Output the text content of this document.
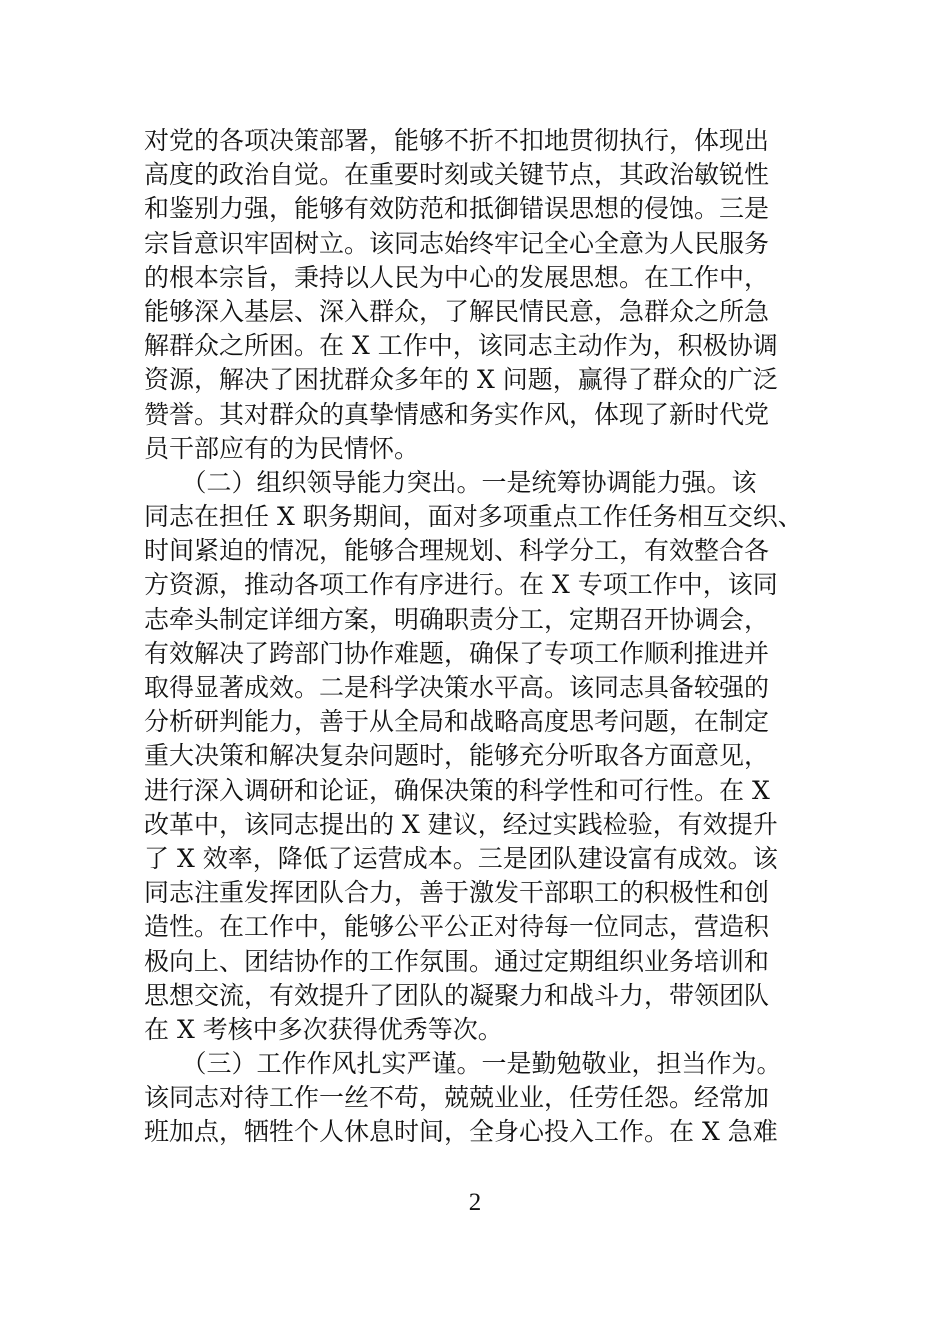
对党的各项决策部署，能够不折不扣地贯彻执行，体现出
高度的政治自觉。在重要时刻或关键节点，其政治敏锐性
和鉴别力强，能够有效防范和抵御错误思想的侵蚀。三是
宗旨意识牢固树立。该同志始终牢记全心全意为人民服务
的根本宗旨，秉持以人民为中心的发展思想。在工作中，
能够深入基层、深入群众，了解民情民意，急群众之所急
解群众之所困。在 X 工作中，该同志主动作为，积极协调
资源，解决了困扰群众多年的 X 问题，赢得了群众的广泛
赞誉。其对群众的真挚情感和务实作风，体现了新时代党
员干部应有的为民情怀。
　　（二）组织领导能力突出。一是统筹协调能力强。该
同志在担任 X 职务期间，面对多项重点工作任务相互交织、
时间紧迫的情况，能够合理规划、科学分工，有效整合各
方资源，推动各项工作有序进行。在 X 专项工作中，该同
志牵头制定详细方案，明确职责分工，定期召开协调会，
有效解决了跨部门协作难题，确保了专项工作顺利推进并
取得显著成效。二是科学决策水平高。该同志具备较强的
分析研判能力，善于从全局和战略高度思考问题，在制定
重大决策和解决复杂问题时，能够充分听取各方面意见，
进行深入调研和论证，确保决策的科学性和可行性。在 X
改革中，该同志提出的 X 建议，经过实践检验，有效提升
了 X 效率，降低了运营成本。三是团队建设富有成效。该
同志注重发挥团队合力，善于激发干部职工的积极性和创
造性。在工作中，能够公平公正对待每一位同志，营造积
极向上、团结协作的工作氛围。通过定期组织业务培训和
思想交流，有效提升了团队的凝聚力和战斗力，带领团队
在 X 考核中多次获得优秀等次。
　　（三）工作作风扎实严谨。一是勤勉敬业，担当作为。
该同志对待工作一丝不苟，兢兢业业，任劳任怨。经常加
班加点，牺牲个人休息时间，全身心投入工作。在 X 急难
2
